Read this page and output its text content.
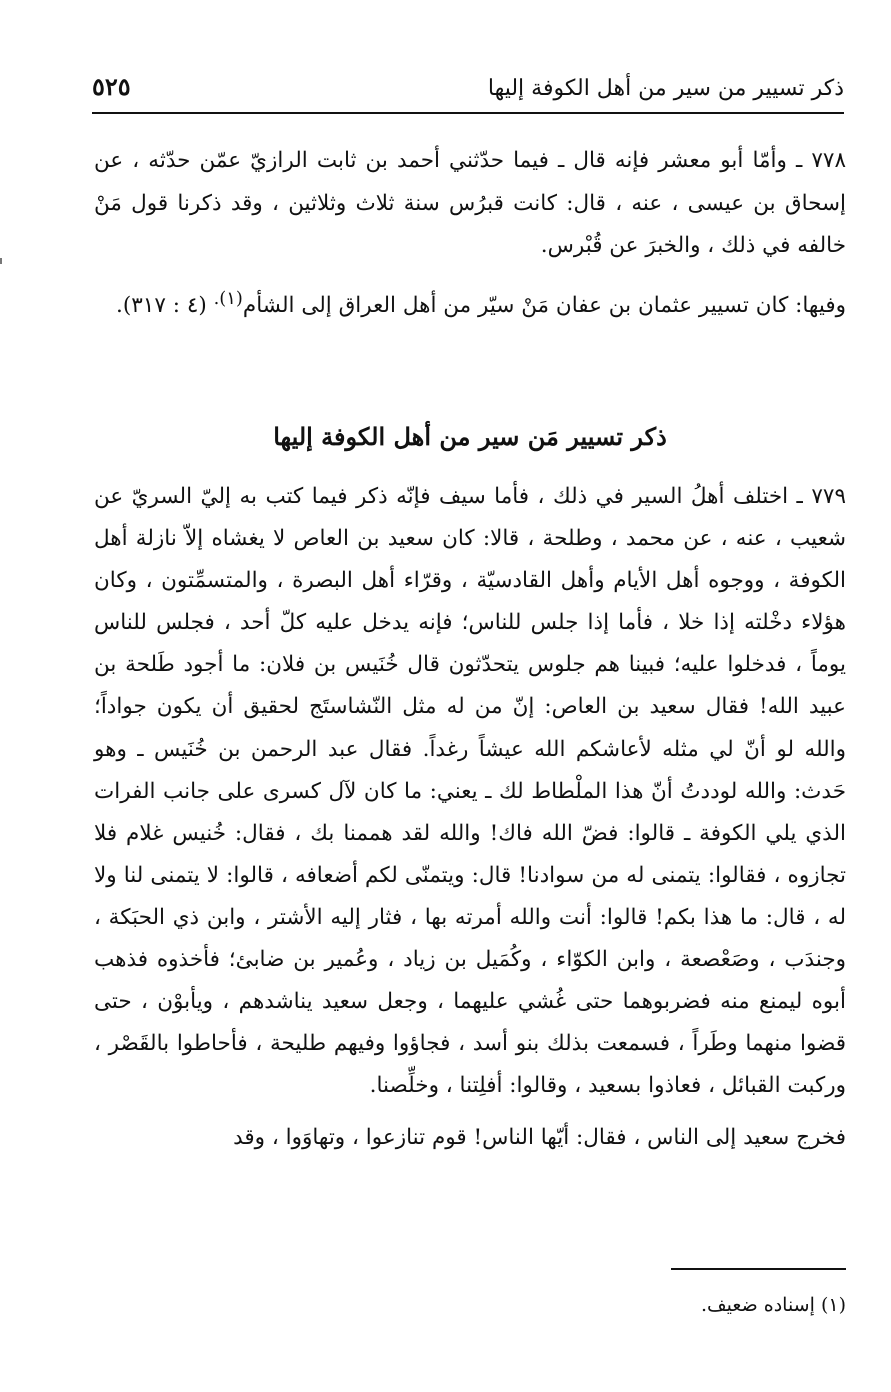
ذكر تسيير من سير من أهل الكوفة إليها
٥٢٥

٧٧٨ ـ وأمّا أبو معشر فإنه قال ـ فيما حدّثني أحمد بن ثابت الرازيّ عمّن حدّثه ، عن إسحاق بن عيسى ، عنه ، قال: كانت قبرُس سنة ثلاث وثلاثين ، وقد ذكرنا قول مَنْ خالفه في ذلك ، والخبرَ عن قُبْرس.

وفيها: كان تسيير عثمان بن عفان مَنْ سيّر من أهل العراق إلى الشأم$^{(١).}$ (٤ : ٣١٧).

ذكر تسيير مَن سير من أهل الكوفة إليها

٧٧٩ ـ اختلف أهلُ السير في ذلك ، فأما سيف فإنّه ذكر فيما كتب به إليّ السريّ عن شعيب ، عنه ، عن محمد ، وطلحة ، قالا: كان سعيد بن العاص لا يغشاه إلاّ نازلة أهل الكوفة ، ووجوه أهل الأيام وأهل القادسيّة ، وقرّاء أهل البصرة ، والمتسمِّتون ، وكان هؤلاء دخْلته إذا خلا ، فأما إذا جلس للناس؛ فإنه يدخل عليه كلّ أحد ، فجلس للناس يوماً ، فدخلوا عليه؛ فبينا هم جلوس يتحدّثون قال خُنَيس بن فلان: ما أجود طَلحة بن عبيد الله! فقال سعيد بن العاص: إنّ من له مثل النّشاستَج لحقيق أن يكون جواداً؛ والله لو أنّ لي مثله لأعاشكم الله عيشاً رغداً. فقال عبد الرحمن بن خُنَيس ـ وهو حَدث: والله لوددتُ أنّ هذا الملْطاط لك ـ يعني: ما كان لآل كسرى على جانب الفرات الذي يلي الكوفة ـ قالوا: فضّ الله فاك! والله لقد هممنا بك ، فقال: خُنيس غلام فلا تجازوه ، فقالوا: يتمنى له من سوادنا! قال: ويتمنّى لكم أضعافه ، قالوا: لا يتمنى لنا ولا له ، قال: ما هذا بكم! قالوا: أنت والله أمرته بها ، فثار إليه الأشتر ، وابن ذي الحبَكة ، وجندَب ، وصَعْصعة ، وابن الكوّاء ، وكُمَيل بن زياد ، وعُمير بن ضابئ؛ فأخذوه فذهب أبوه ليمنع منه فضربوهما حتى غُشي عليهما ، وجعل سعيد يناشدهم ، ويأبوْن ، حتى قضوا منهما وطَراً ، فسمعت بذلك بنو أسد ، فجاؤوا وفيهم طليحة ، فأحاطوا بالقَصْر ، وركبت القبائل ، فعاذوا بسعيد ، وقالوا: أفلِتنا ، وخلِّصنا.

فخرج سعيد إلى الناس ، فقال: أيّها الناس! قوم تنازعوا ، وتهاوَوا ، وقد

(١) إسناده ضعيف.
